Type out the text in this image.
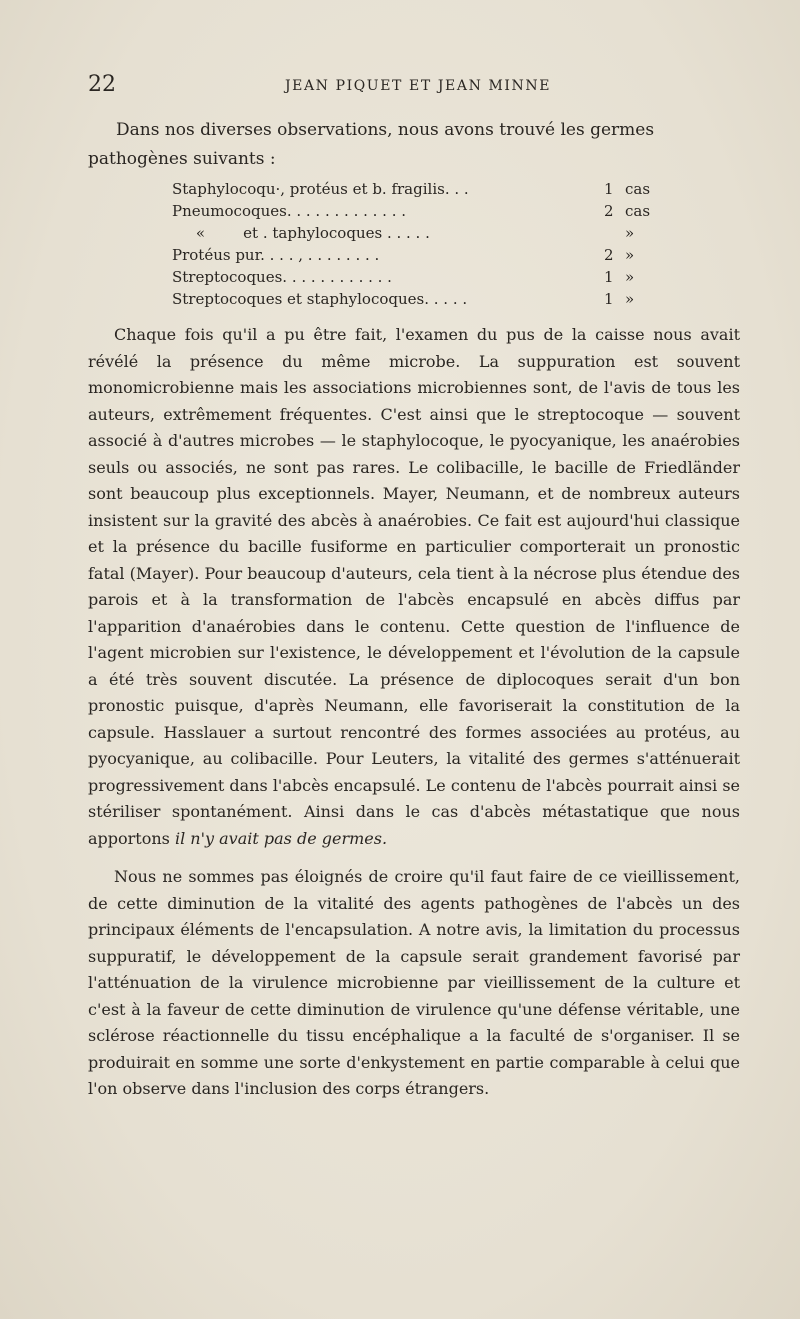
22	JEAN PIQUET ET JEAN MINNE

Dans nos diverses observations, nous avons trouvé les germes pathogènes suivants :

Staphylocoqu·, protéus et b. fragilis. . .	1 cas
Pneumocoques. . . . . . . . . . . . .	2 cas
«        et . taphylocoques . . . . .	»
Protéus pur. . . . , . . . . . . . .	2 »
Streptocoques. . . . . . . . . . . .	1 »
Streptocoques et staphylocoques. . . . .	1 »

Chaque fois qu'il a pu être fait, l'examen du pus de la caisse nous avait révélé la présence du même microbe. La suppuration est souvent monomicrobienne mais les associations microbiennes sont, de l'avis de tous les auteurs, extrêmement fréquentes. C'est ainsi que le streptocoque — souvent associé à d'autres microbes — le staphylocoque, le pyocyanique, les anaérobies seuls ou associés, ne sont pas rares. Le colibacille, le bacille de Friedländer sont beaucoup plus exceptionnels. Mayer, Neumann, et de nombreux auteurs insistent sur la gravité des abcès à anaérobies. Ce fait est aujourd'hui classique et la présence du bacille fusiforme en particulier comporterait un pronostic fatal (Mayer). Pour beaucoup d'auteurs, cela tient à la nécrose plus étendue des parois et à la transformation de l'abcès encapsulé en abcès diffus par l'apparition d'anaérobies dans le contenu. Cette question de l'influence de l'agent microbien sur l'existence, le développement et l'évolution de la capsule a été très souvent discutée. La présence de diplocoques serait d'un bon pronostic puisque, d'après Neumann, elle favoriserait la constitution de la capsule. Hasslauer a surtout rencontré des formes associées au protéus, au pyocyanique, au colibacille. Pour Leuters, la vitalité des germes s'atténuerait progressivement dans l'abcès encapsulé. Le contenu de l'abcès pourrait ainsi se stériliser spontanément. Ainsi dans le cas d'abcès métastatique que nous apportons il n'y avait pas de germes.

Nous ne sommes pas éloignés de croire qu'il faut faire de ce vieillissement, de cette diminution de la vitalité des agents pathogènes de l'abcès un des principaux éléments de l'encapsulation. A notre avis, la limitation du processus suppuratif, le développement de la capsule serait grandement favorisé par l'atténuation de la virulence microbienne par vieillissement de la culture et c'est à la faveur de cette diminution de virulence qu'une défense véritable, une sclérose réactionnelle du tissu encéphalique a la faculté de s'organiser. Il se produirait en somme une sorte d'enkystement en partie comparable à celui que l'on observe dans l'inclusion des corps étrangers.
